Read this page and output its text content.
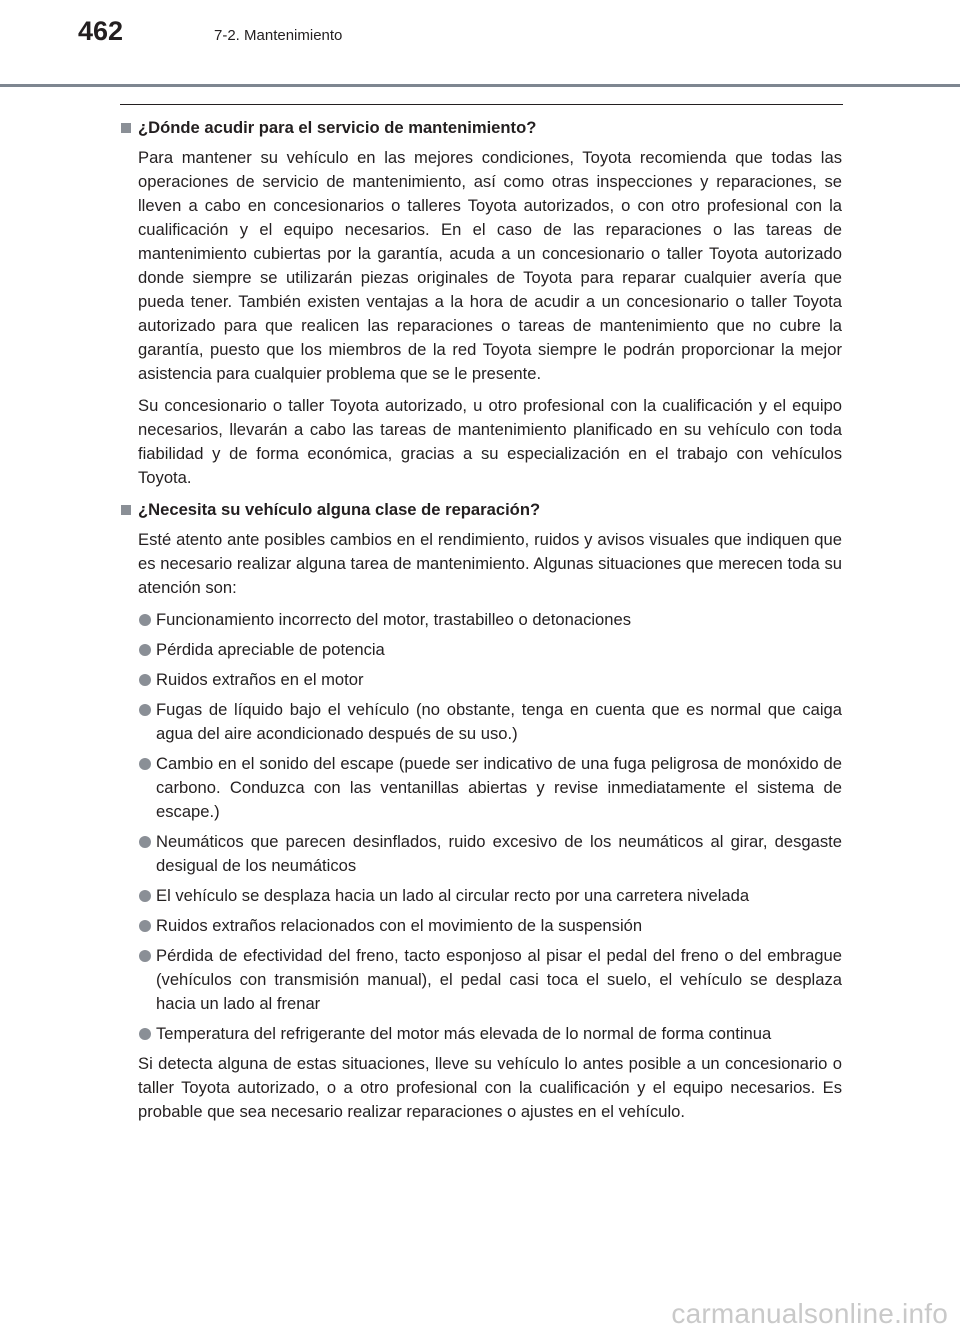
462	7-2. Mantenimiento
¿Dónde acudir para el servicio de mantenimiento?

Para mantener su vehículo en las mejores condiciones, Toyota recomienda que todas las operaciones de servicio de mantenimiento, así como otras inspecciones y reparaciones, se lleven a cabo en concesionarios o talleres Toyota autorizados, o con otro profesional con la cualificación y el equipo necesarios. En el caso de las reparaciones o las tareas de mantenimiento cubiertas por la garantía, acuda a un concesionario o taller Toyota autorizado donde siempre se utilizarán piezas originales de Toyota para reparar cualquier avería que pueda tener. También existen ventajas a la hora de acudir a un concesionario o taller Toyota autorizado para que realicen las reparaciones o tareas de mantenimiento que no cubre la garantía, puesto que los miembros de la red Toyota siempre le podrán proporcionar la mejor asistencia para cualquier problema que se le presente.

Su concesionario o taller Toyota autorizado, u otro profesional con la cualificación y el equipo necesarios, llevarán a cabo las tareas de mantenimiento planificado en su vehículo con toda fiabilidad y de forma económica, gracias a su especialización en el trabajo con vehículos Toyota.

¿Necesita su vehículo alguna clase de reparación?

Esté atento ante posibles cambios en el rendimiento, ruidos y avisos visuales que indiquen que es necesario realizar alguna tarea de mantenimiento. Algunas situaciones que merecen toda su atención son:

Funcionamiento incorrecto del motor, trastabilleo o detonaciones
Pérdida apreciable de potencia
Ruidos extraños en el motor
Fugas de líquido bajo el vehículo (no obstante, tenga en cuenta que es normal que caiga agua del aire acondicionado después de su uso.)
Cambio en el sonido del escape (puede ser indicativo de una fuga peligrosa de monóxido de carbono. Conduzca con las ventanillas abiertas y revise inmediatamente el sistema de escape.)
Neumáticos que parecen desinflados, ruido excesivo de los neumáticos al girar, desgaste desigual de los neumáticos
El vehículo se desplaza hacia un lado al circular recto por una carretera nivelada
Ruidos extraños relacionados con el movimiento de la suspensión
Pérdida de efectividad del freno, tacto esponjoso al pisar el pedal del freno o del embrague (vehículos con transmisión manual), el pedal casi toca el suelo, el vehículo se desplaza hacia un lado al frenar
Temperatura del refrigerante del motor más elevada de lo normal de forma continua

Si detecta alguna de estas situaciones, lleve su vehículo lo antes posible a un concesionario o taller Toyota autorizado, o a otro profesional con la cualificación y el equipo necesarios. Es probable que sea necesario realizar reparaciones o ajustes en el vehículo.

carmanualsonline.info
